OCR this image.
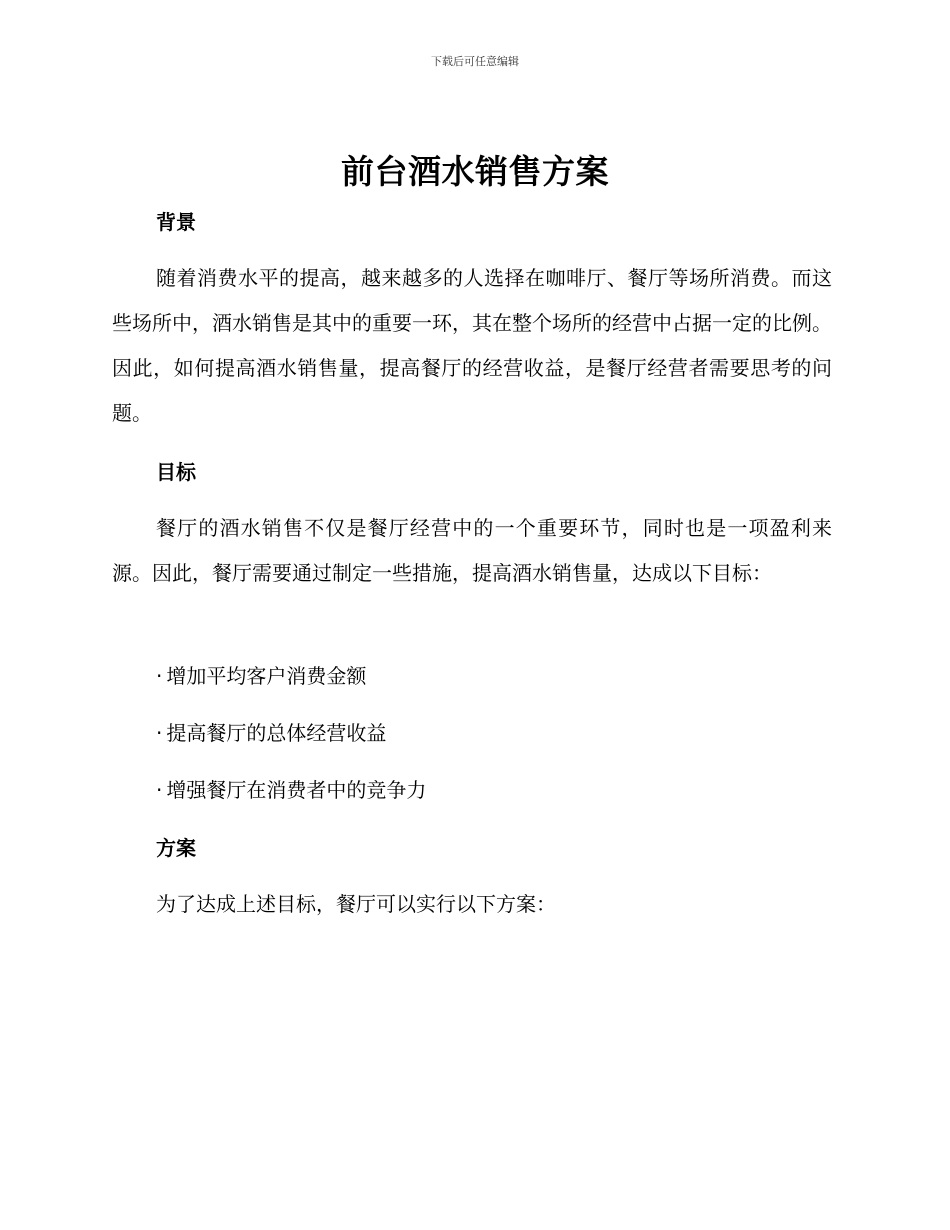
下载后可任意编辑
前台酒水销售方案
背景
随着消费水平的提高，越来越多的人选择在咖啡厅、餐厅等场所消费。而这些场所中，酒水销售是其中的重要一环，其在整个场所的经营中占据一定的比例。因此，如何提高酒水销售量，提高餐厅的经营收益，是餐厅经营者需要思考的问题。
目标
餐厅的酒水销售不仅是餐厅经营中的一个重要环节，同时也是一项盈利来源。因此，餐厅需要通过制定一些措施，提高酒水销售量，达成以下目标：
· 增加平均客户消费金额
· 提高餐厅的总体经营收益
· 增强餐厅在消费者中的竞争力
方案
为了达成上述目标，餐厅可以实行以下方案：
